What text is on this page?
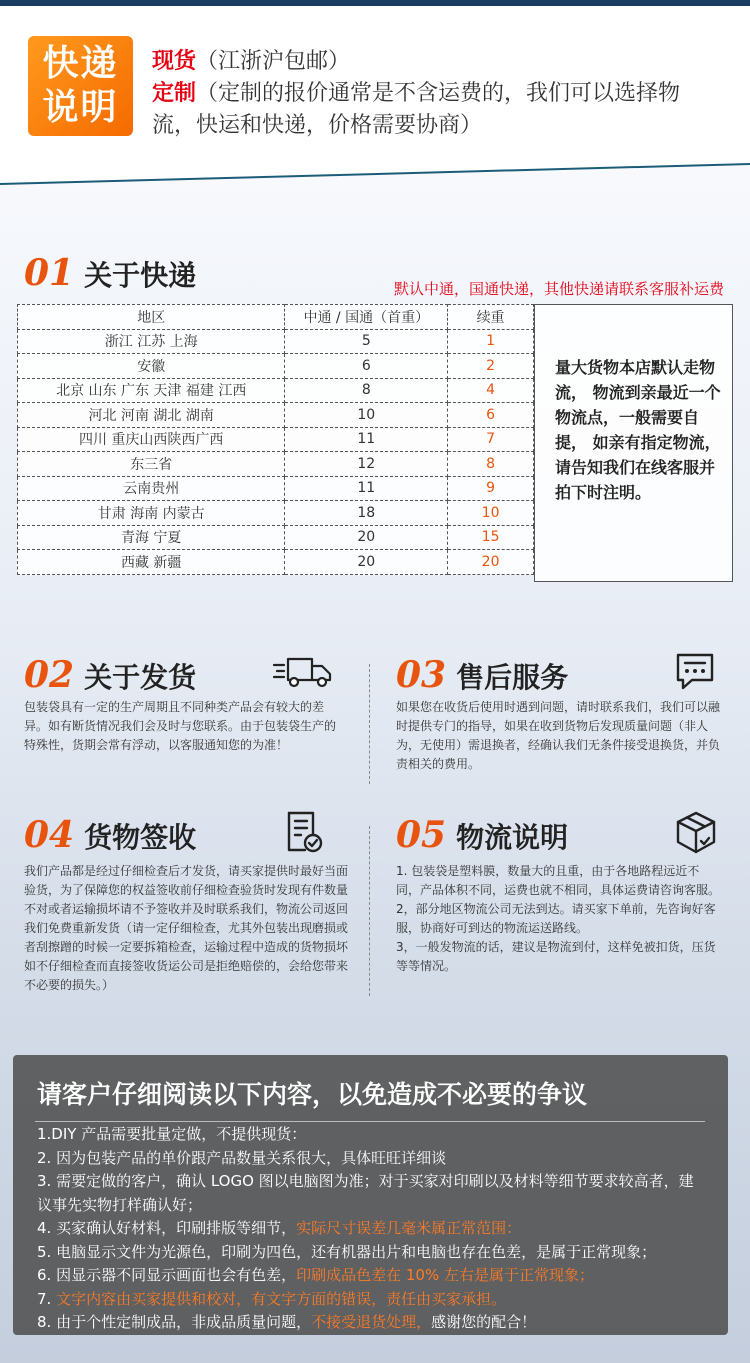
快递
说明
现货（江浙沪包邮）
定制（定制的报价通常是不含运费的，我们可以选择物流，快运和快递，价格需要协商）
01 关于快递	默认中通，国通快递，其他快递请联系客服补运费
地区	中通 / 国通（首重）	续重
浙江 江苏 上海	5	1
安徽	6	2
北京 山东 广东 天津 福建 江西	8	4
河北 河南 湖北 湖南	10	6
四川 重庆山西陕西广西	11	7
东三省	12	8
云南贵州	11	9
甘肃 海南 内蒙古	18	10
青海 宁夏	20	15
西藏 新疆	20	20
量大货物本店默认走物流， 物流到亲最近一个物流点，一般需要自提， 如亲有指定物流， 请告知我们在线客服并拍下时注明。
02 关于发货
包装袋具有一定的生产周期且不同种类产品会有较大的差异。如有断货情况我们会及时与您联系。由于包装袋生产的特殊性，货期会常有浮动，以客服通知您的为准！
03 售后服务
如果您在收货后使用时遇到问题，请时联系我们，我们可以融时提供专门的指导，如果在收到货物后发现质量问题（非人为，无使用）需退换者，经确认我们无条件接受退换货，并负责相关的费用。
04 货物签收
我们产品都是经过仔细检查后才发货，请买家提供时最好当面验货，为了保障您的权益签收前仔细检查验货时发现有件数量不对或者运输损坏请不予签收并及时联系我们，物流公司返回我们免费重新发货（请一定仔细检查，尤其外包装出现磨损或者刮擦蹭的时候一定要拆箱检查，运输过程中造成的货物损坏如不仔细检查而直接签收货运公司是拒绝赔偿的，会给您带来不必要的损失。）
05 物流说明
1. 包装袋是塑料膜，数量大的且重，由于各地路程远近不同，产品体积不同，运费也就不相同，具体运费请咨询客服。
2，部分地区物流公司无法到达。请买家下单前，先咨询好客服，协商好可到达的物流运送路线。
3，一般发物流的话，建议是物流到付，这样免被扣货，压货等等情况。
请客户仔细阅读以下内容，以免造成不必要的争议
1.DIY 产品需要批量定做，不提供现货：
2. 因为包装产品的单价跟产品数量关系很大，具体旺旺详细谈
3. 需要定做的客户，确认 LOGO 图以电脑图为准；对于买家对印刷以及材料等细节要求较高者，建议事先实物打样确认好；
4. 买家确认好材料，印刷排版等细节，实际尺寸误差几毫米属正常范围：
5. 电脑显示文件为光源色，印刷为四色，还有机器出片和电脑也存在色差，是属于正常现象；
6. 因显示器不同显示画面也会有色差，印刷成品色差在 10% 左右是属于正常现象；
7. 文字内容由买家提供和校对，有文字方面的错误，责任由买家承担。
8. 由于个性定制成品，非成品质量问题，不接受退货处理，感谢您的配合！
